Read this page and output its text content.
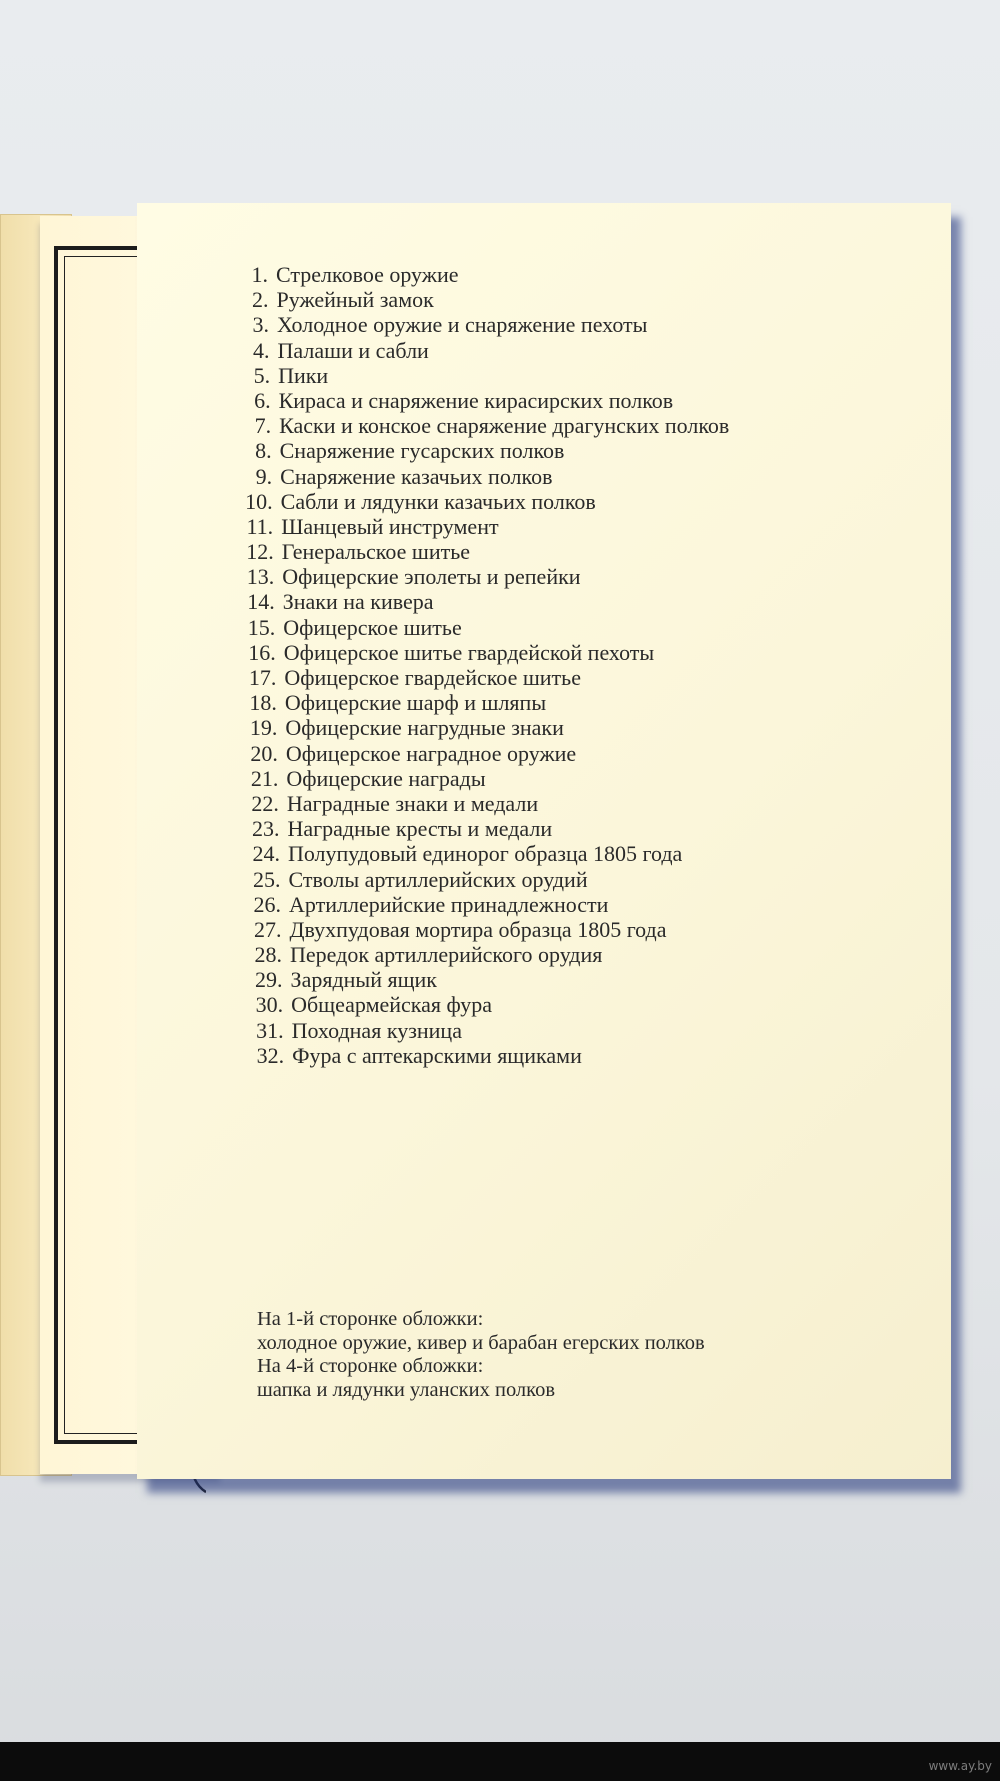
1. Стрелковое оружие
2. Ружейный замок
3. Холодное оружие и снаряжение пехоты
4. Палаши и сабли
5. Пики
6. Кираса и снаряжение кирасирских полков
7. Каски и конское снаряжение драгунских полков
8. Снаряжение гусарских полков
9. Снаряжение казачьих полков
10. Сабли и лядунки казачьих полков
11. Шанцевый инструмент
12. Генеральское шитье
13. Офицерские эполеты и репейки
14. Знаки на кивера
15. Офицерское шитье
16. Офицерское шитье гвардейской пехоты
17. Офицерское гвардейское шитье
18. Офицерские шарф и шляпы
19. Офицерские нагрудные знаки
20. Офицерское наградное оружие
21. Офицерские награды
22. Наградные знаки и медали
23. Наградные кресты и медали
24. Полупудовый единорог образца 1805 года
25. Стволы артиллерийских орудий
26. Артиллерийские принадлежности
27. Двухпудовая мортира образца 1805 года
28. Передок артиллерийского орудия
29. Зарядный ящик
30. Общеармейская фура
31. Походная кузница
32. Фура с аптекарскими ящиками
На 1-й сторонке обложки:
холодное оружие, кивер и барабан егерских полков
На 4-й сторонке обложки:
шапка и лядунки уланских полков
www.ay.by
